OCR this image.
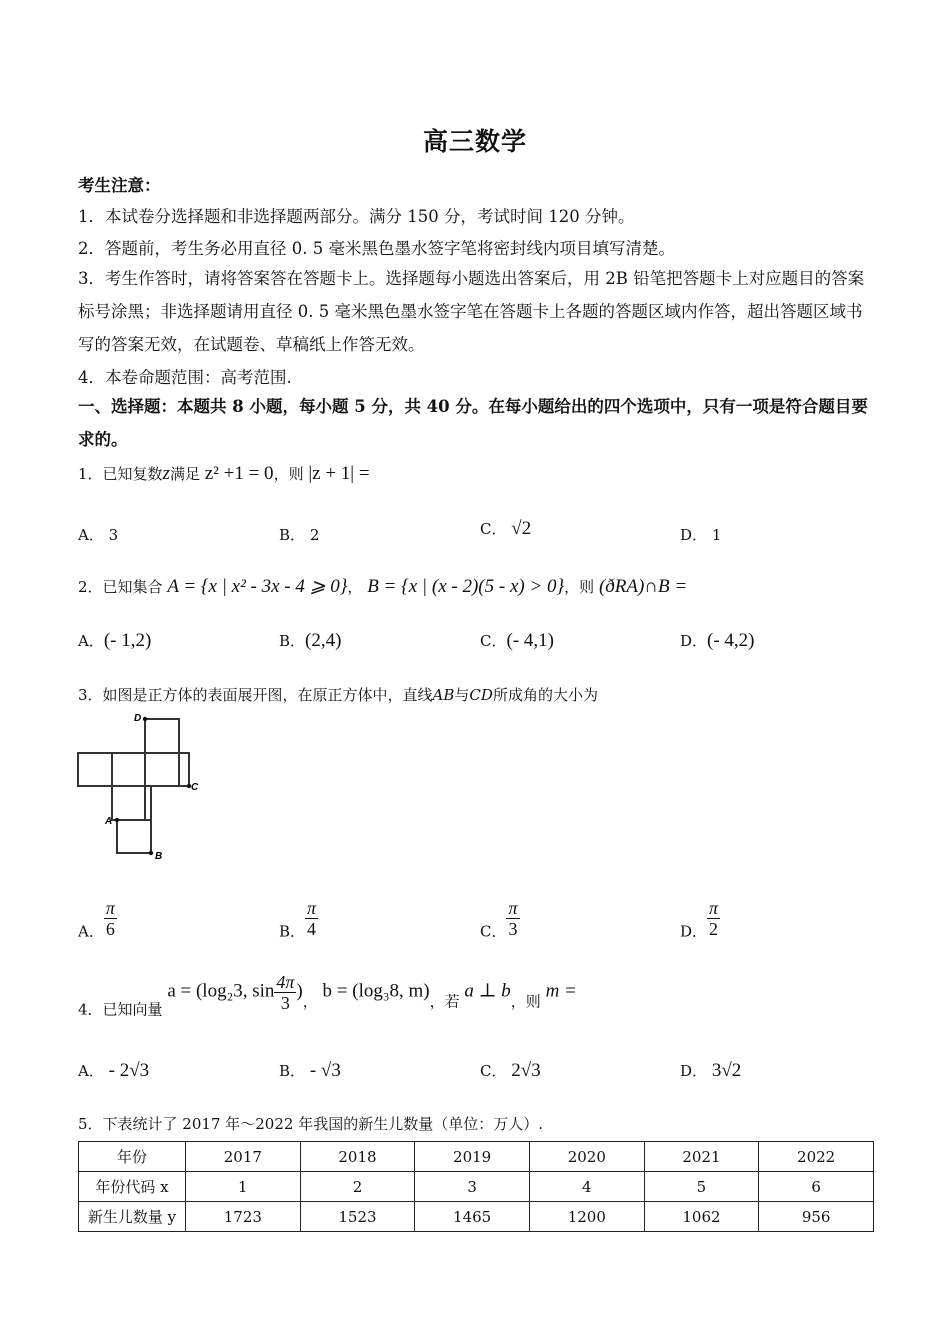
高三数学
考生注意：
1．本试卷分选择题和非选择题两部分。满分 150 分，考试时间 120 分钟。
2．答题前，考生务必用直径 0. 5 毫米黑色墨水签字笔将密封线内项目填写清楚。
3．考生作答时，请将答案答在答题卡上。选择题每小题选出答案后，用 2B 铅笔把答题卡上对应题目的答案标号涂黑；非选择题请用直径 0. 5 毫米黑色墨水签字笔在答题卡上各题的答题区域内作答，超出答题区域书写的答案无效，在试题卷、草稿纸上作答无效。
4．本卷命题范围：高考范围.
一、选择题：本题共 8 小题，每小题 5 分，共 40 分。在每小题给出的四个选项中，只有一项是符合题目要求的。
1．已知复数z满足 z² +1 = 0，则 |z + 1| =
A． 3	B． 2	C． √2	D． 1
2．已知集合 A = {x | x² - 3x - 4 ⩾ 0}， B = {x | (x - 2)(5 - x) > 0}，则 (ðRA)∩B =
A．(- 1,2)	B．(2,4)	C．(- 4,1)	D．(- 4,2)
3．如图是正方体的表面展开图，在原正方体中，直线AB与CD所成角的大小为
D
C
A
B
A． $\frac{\pi}{6}$	B． $\frac{\pi}{4}$	C． $\frac{\pi}{3}$	D． $\frac{\pi}{2}$
4．已知向量 a = (log₂3, $\sin \frac{4\pi}{3}$ )， b = (log₃8, m)，若 a ⊥ b，则 m =
A． - 2√3	B． - √3	C． 2√3	D． 3√2
5．下表统计了 2017 年～2022 年我国的新生儿数量（单位：万人）.
年份	2017	2018	2019	2020	2021	2022
年份代码 x	1	2	3	4	5	6
新生儿数量 y	1723	1523	1465	1200	1062	956
